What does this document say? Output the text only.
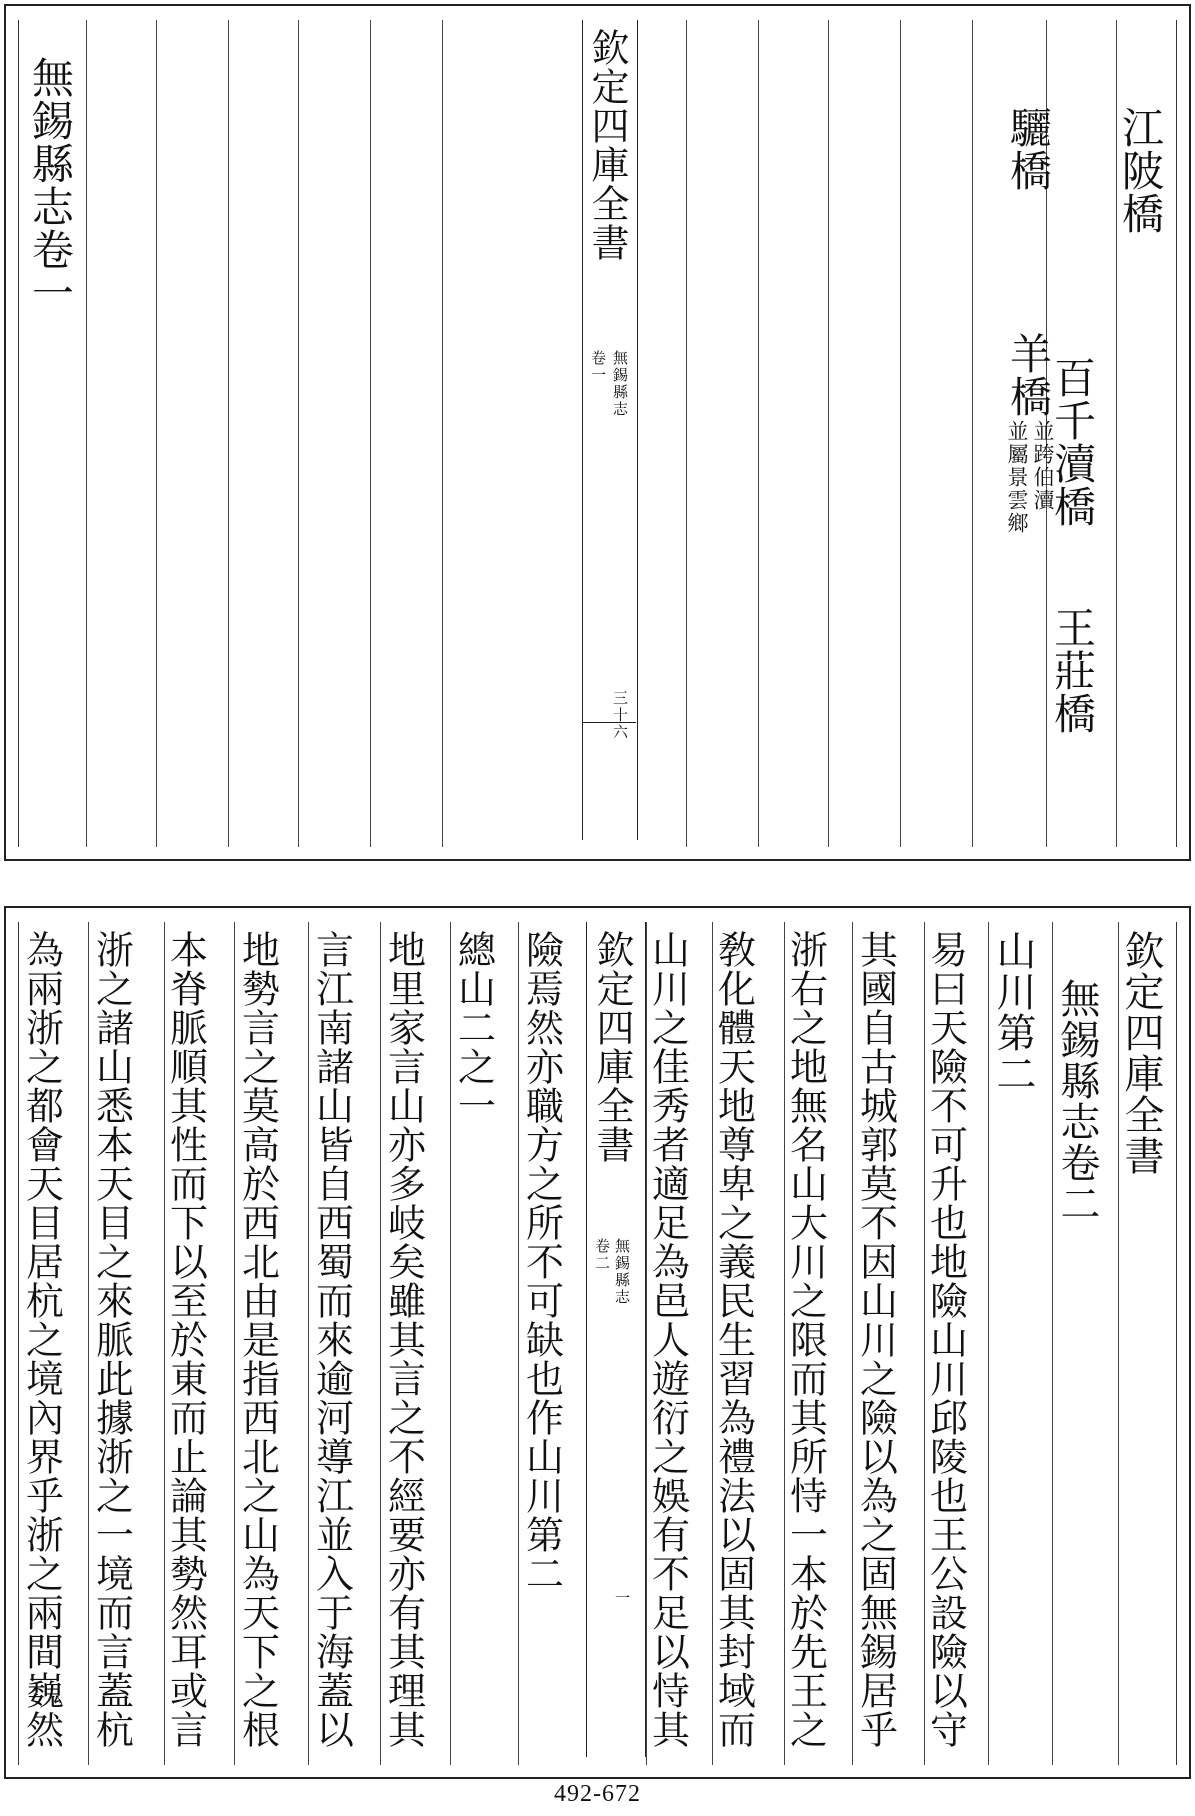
欽定四庫全書
無錫縣志
卷一
三十六
無錫縣志卷一	江陂橋
百千瀆橋
王莊橋
驪橋
羊橋
並跨伯瀆
並屬景雲鄉
欽定四庫全書
無錫縣志
卷二
一
欽定四庫全書
無錫縣志卷二
山川第二
易曰天險不可升也地險山川邱陵也王公設險以守
其國自古城郭莫不因山川之險以為之固無錫居乎
浙右之地無名山大川之限而其所恃一本於先王之
敎化體天地尊卑之義民生習為禮法以固其封域而
山川之佳秀者適足為邑人遊衍之娛有不足以恃其
險焉然亦職方之所不可缺也作山川第二
總山二之一
地里家言山亦多岐矣雖其言之不經要亦有其理其
言江南諸山皆自西蜀而來逾河導江並入于海蓋以
地勢言之莫高於西北由是指西北之山為天下之根
本脊脈順其性而下以至於東而止論其勢然耳或言
浙之諸山悉本天目之來脈此據浙之一境而言蓋杭
為兩浙之都會天目居杭之境內界乎浙之兩間巍然
492-672
